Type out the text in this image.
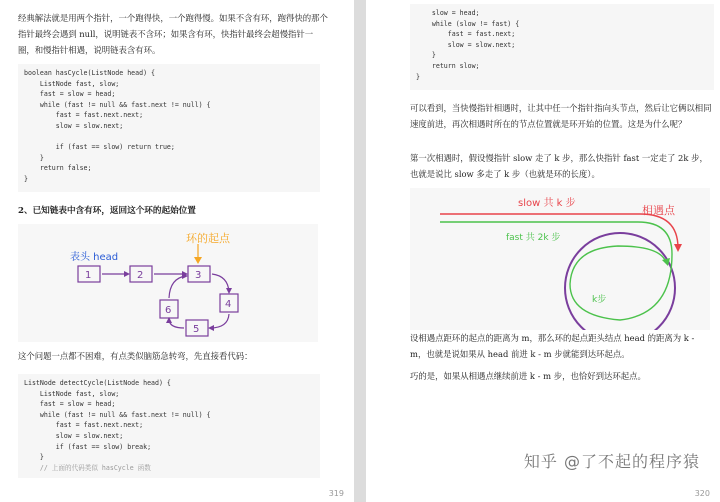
经典解法就是用两个指针，一个跑得快，一个跑得慢。如果不含有环，跑得快的那个指针最终会遇到 null，说明链表不含环；如果含有环，快指针最终会超慢指针一圈，和慢指针相遇，说明链表含有环。

boolean hasCycle(ListNode head) {
ListNode fast, slow;
fast = slow = head;
while (fast != null && fast.next != null) {
fast = fast.next.next;
slow = slow.next;

if (fast == slow) return true;
}
return false;
}
2、已知链表中含有环，返回这个环的起始位置
表头 head
环的起点
1	2	3
4
5
6

这个问题一点都不困难，有点类似脑筋急转弯，先直接看代码：

ListNode detectCycle(ListNode head) {
ListNode fast, slow;
fast = slow = head;
while (fast != null && fast.next != null) {
fast = fast.next.next;
slow = slow.next;
if (fast == slow) break;
}
// 上面的代码类似 hasCycle 函数
319
slow = head;
while (slow != fast) {
fast = fast.next;
slow = slow.next;
}
return slow;
}

可以看到，当快慢指针相遇时，让其中任一个指针指向头节点，然后让它俩以相同速度前进，再次相遇时所在的节点位置就是环开始的位置。这是为什么呢？

第一次相遇时，假设慢指针 slow 走了 k 步，那么快指针 fast 一定走了 2k 步，也就是说比 slow 多走了 k 步（也就是环的长度）。

slow 共 k 步
fast 共 2k 步
相遇点
k步

设相遇点距环的起点的距离为 m，那么环的起点距头结点 head 的距离为 k - m，也就是说如果从 head 前进 k - m 步就能到达环起点。

巧的是，如果从相遇点继续前进 k - m 步，也恰好到达环起点。

知乎 @了不起的程序猿
320
